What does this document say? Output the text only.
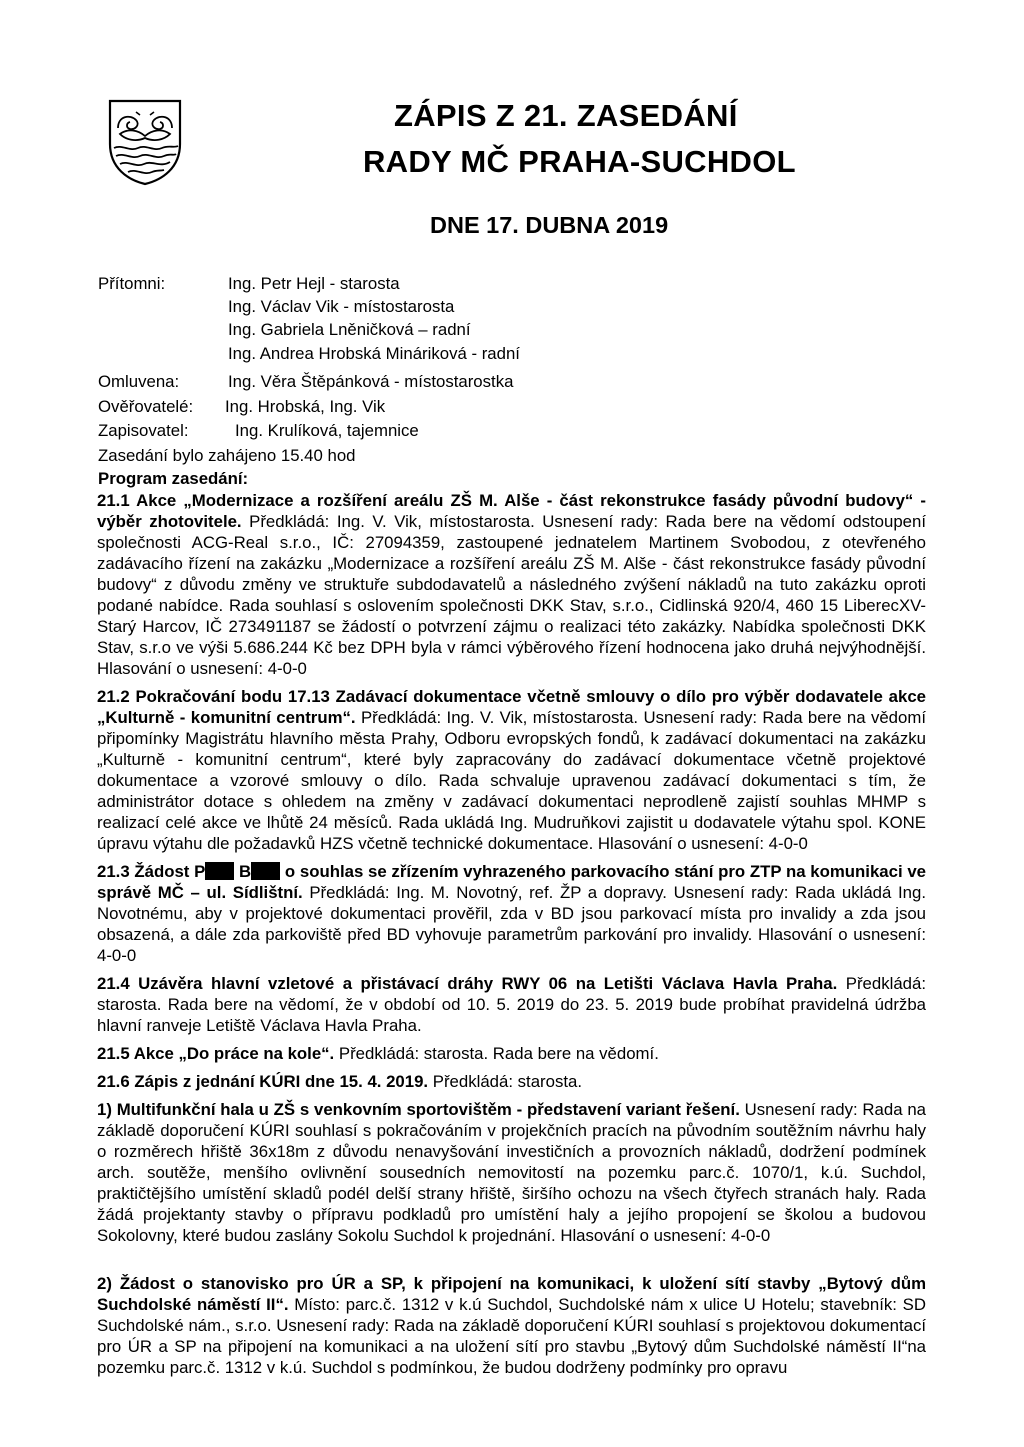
ZÁPIS Z 21. ZASEDÁNÍ
RADY MČ PRAHA-SUCHDOL
DNE 17. DUBNA 2019
Přítomni:	Ing. Petr Hejl - starosta
Ing. Václav Vik - místostarosta
Ing. Gabriela Lněničková – radní
Ing. Andrea Hrobská Mináriková - radní
Omluvena:	Ing. Věra Štěpánková - místostarostka
Ověřovatelé: Ing. Hrobská, Ing. Vik
Zapisovatel:	Ing. Krulíková, tajemnice
Zasedání bylo zahájeno 15.40 hod
Program zasedání:

21.1 Akce „Modernizace a rozšíření areálu ZŠ M. Alše - část rekonstrukce fasády původní budovy“ - výběr zhotovitele. Předkládá: Ing. V. Vik, místostarosta. Usnesení rady: Rada bere na vědomí odstoupení společnosti ACG-Real s.r.o., IČ: 27094359, zastoupené jednatelem Martinem Svobodou, z otevřeného zadávacího řízení na zakázku „Modernizace a rozšíření areálu ZŠ M. Alše - část rekonstrukce fasády původní budovy“ z důvodu změny ve struktuře subdodavatelů a následného zvýšení nákladů na tuto zakázku oproti podané nabídce. Rada souhlasí s oslovením společnosti DKK Stav, s.r.o., Cidlinská 920/4, 460 15 LiberecXV-Starý Harcov, IČ 273491187 se žádostí o potvrzení zájmu o realizaci této zakázky. Nabídka společnosti DKK Stav, s.r.o ve výši 5.686.244 Kč bez DPH byla v rámci výběrového řízení hodnocena jako druhá nejvýhodnější. Hlasování o usnesení: 4-0-0

21.2 Pokračování bodu 17.13 Zadávací dokumentace včetně smlouvy o dílo pro výběr dodavatele akce „Kulturně - komunitní centrum“. Předkládá: Ing. V. Vik, místostarosta. Usnesení rady: Rada bere na vědomí připomínky Magistrátu hlavního města Prahy, Odboru evropských fondů, k zadávací dokumentaci na zakázku „Kulturně - komunitní centrum“, které byly zapracovány do zadávací dokumentace včetně projektové dokumentace a vzorové smlouvy o dílo. Rada schvaluje upravenou zadávací dokumentaci s tím, že administrátor dotace s ohledem na změny v zadávací dokumentaci neprodleně zajistí souhlas MHMP s realizací celé akce ve lhůtě 24 měsíců. Rada ukládá Ing. Mudruňkovi zajistit u dodavatele výtahu spol. KONE úpravu výtahu dle požadavků HZS včetně technické dokumentace. Hlasování o usnesení: 4-0-0

21.3 Žádost P B o souhlas se zřízením vyhrazeného parkovacího stání pro ZTP na komunikaci ve správě MČ – ul. Sídlištní. Předkládá: Ing. M. Novotný, ref. ŽP a dopravy. Usnesení rady: Rada ukládá Ing. Novotnému, aby v projektové dokumentaci prověřil, zda v BD jsou parkovací místa pro invalidy a zda jsou obsazená, a dále zda parkoviště před BD vyhovuje parametrům parkování pro invalidy. Hlasování o usnesení: 4-0-0

21.4 Uzávěra hlavní vzletové a přistávací dráhy RWY 06 na Letišti Václava Havla Praha. Předkládá: starosta. Rada bere na vědomí, že v období od 10. 5. 2019 do 23. 5. 2019 bude probíhat pravidelná údržba hlavní ranveje Letiště Václava Havla Praha.

21.5 Akce „Do práce na kole“. Předkládá: starosta. Rada bere na vědomí.

21.6 Zápis z jednání KÚRI dne 15. 4. 2019. Předkládá: starosta.

1) Multifunkční hala u ZŠ s venkovním sportovištěm - představení variant řešení. Usnesení rady: Rada na základě doporučení KÚRI souhlasí s pokračováním v projekčních pracích na původním soutěžním návrhu haly o rozměrech hřiště 36x18m z důvodu nenavyšování investičních a provozních nákladů, dodržení podmínek arch. soutěže, menšího ovlivnění sousedních nemovitostí na pozemku parc.č. 1070/1, k.ú. Suchdol, praktičtějšího umístění skladů podél delší strany hřiště, širšího ochozu na všech čtyřech stranách haly. Rada žádá projektanty stavby o přípravu podkladů pro umístění haly a jejího propojení se školou a budovou Sokolovny, které budou zaslány Sokolu Suchdol k projednání. Hlasování o usnesení: 4-0-0

2) Žádost o stanovisko pro ÚR a SP, k připojení na komunikaci, k uložení sítí stavby „Bytový dům Suchdolské náměstí II“. Místo: parc.č. 1312 v k.ú Suchdol, Suchdolské nám x ulice U Hotelu; stavebník: SD Suchdolské nám., s.r.o. Usnesení rady: Rada na základě doporučení KÚRI souhlasí s projektovou dokumentací pro ÚR a SP na připojení na komunikaci a na uložení sítí pro stavbu „Bytový dům Suchdolské náměstí II“na pozemku parc.č. 1312 v k.ú. Suchdol s podmínkou, že budou dodrženy podmínky pro opravu
